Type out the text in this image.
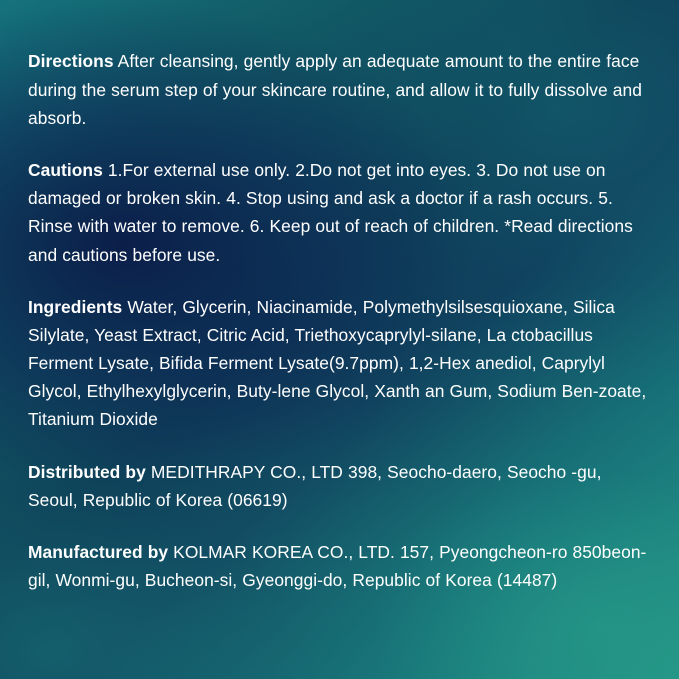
Directions After cleansing, gently apply an adequate amount to the entire face during the serum step of your skincare routine, and allow it to fully dissolve and absorb.

Cautions 1.For external use only. 2.Do not get into eyes. 3. Do not use on damaged or broken skin. 4. Stop using and ask a doctor if a rash occurs. 5. Rinse with water to remove. 6. Keep out of reach of children. *Read directions and cautions before use.

Ingredients Water, Glycerin, Niacinamide, Polymethylsilsesquioxane, Silica Silylate, Yeast Extract, Citric Acid, Triethoxycaprylyl-silane, La ctobacillus Ferment Lysate, Bifida Ferment Lysate(9.7ppm), 1,2-Hex anediol, Caprylyl Glycol, Ethylhexylglycerin, Buty-lene Glycol, Xanth an Gum, Sodium Ben-zoate, Titanium Dioxide

Distributed by MEDITHRAPY CO., LTD 398, Seocho-daero, Seocho -gu, Seoul, Republic of Korea (06619)

Manufactured by KOLMAR KOREA CO., LTD. 157, Pyeongcheon-ro 850beon-gil, Wonmi-gu, Bucheon-si, Gyeonggi-do, Republic of Korea (14487)
